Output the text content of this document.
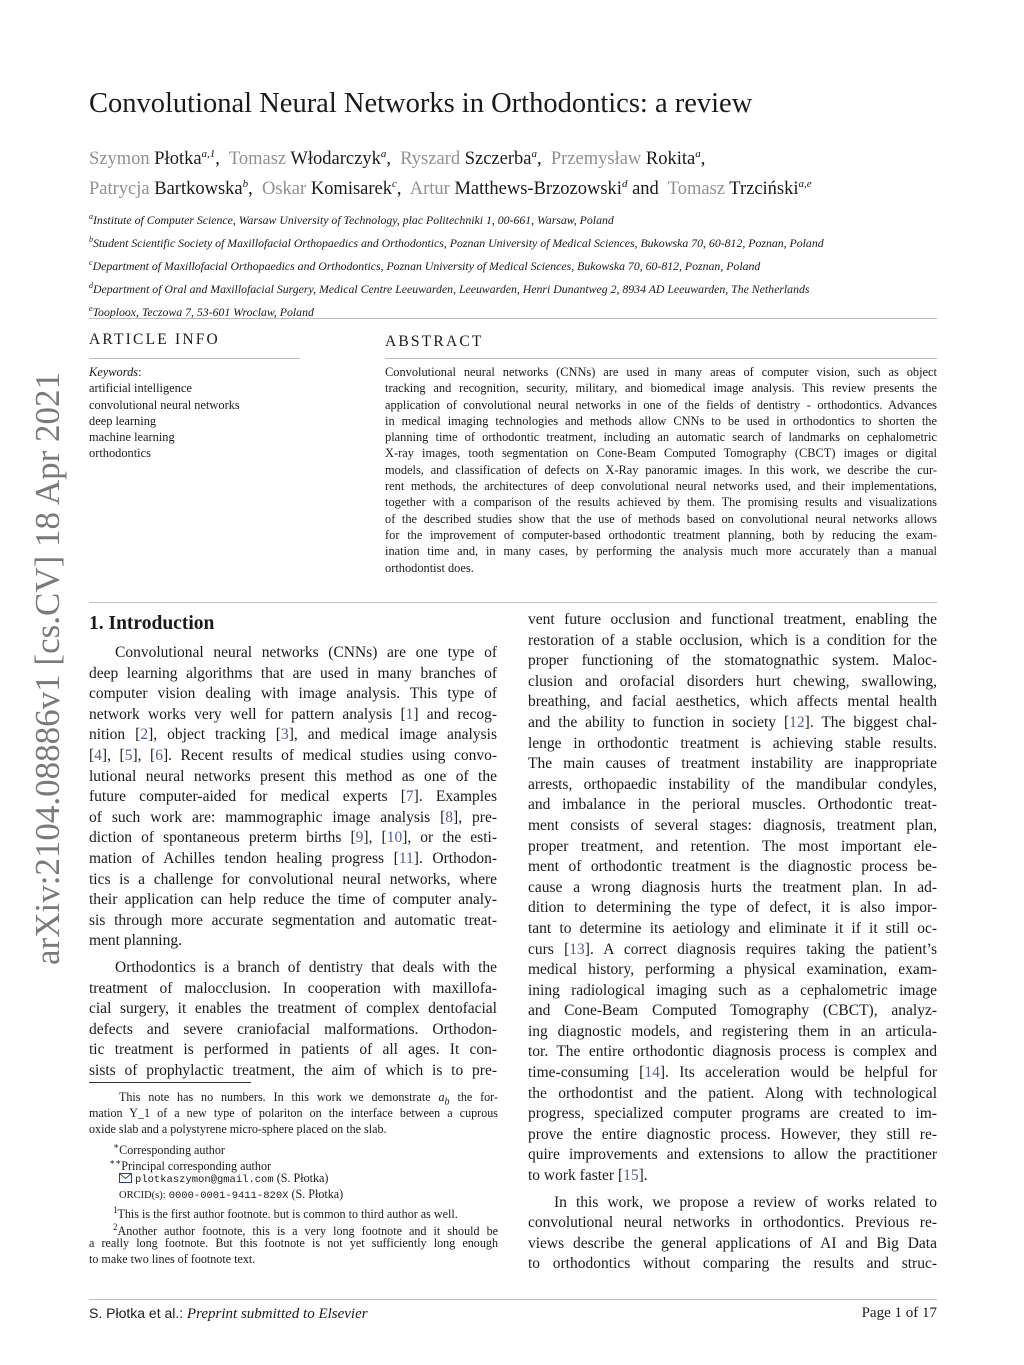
arXiv:2104.08886v1 [cs.CV] 18 Apr 2021
Convolutional Neural Networks in Orthodontics: a review
Szymon Płotka$^{a,1}$, Tomasz Włodarczyk$^a$, Ryszard Szczerba$^a$, Przemysław Rokita$^a$,
Patrycja Bartkowska$^b$, Oskar Komisarek$^c$, Artur Matthews-Brzozowski$^d$ and Tomasz Trzciński$^{a,e}$
$^a$Institute of Computer Science, Warsaw University of Technology, plac Politechniki 1, 00-661, Warsaw, Poland
$^b$Student Scientific Society of Maxillofacial Orthopaedics and Orthodontics, Poznan University of Medical Sciences, Bukowska 70, 60-812, Poznan, Poland
$^c$Department of Maxillofacial Orthopaedics and Orthodontics, Poznan University of Medical Sciences, Bukowska 70, 60-812, Poznan, Poland
$^d$Department of Oral and Maxillofacial Surgery, Medical Centre Leeuwarden, Leeuwarden, Henri Dunantweg 2, 8934 AD Leeuwarden, The Netherlands
$^e$Tooploox, Teczowa 7, 53-601 Wroclaw, Poland
ARTICLE INFO
Keywords:
artificial intelligence
convolutional neural networks
deep learning
machine learning
orthodontics
ABSTRACT
Convolutional neural networks (CNNs) are used in many areas of computer vision, such as object
tracking and recognition, security, military, and biomedical image analysis. This review presents the
application of convolutional neural networks in one of the fields of dentistry - orthodontics. Advances
in medical imaging technologies and methods allow CNNs to be used in orthodontics to shorten the
planning time of orthodontic treatment, including an automatic search of landmarks on cephalometric
X-ray images, tooth segmentation on Cone-Beam Computed Tomography (CBCT) images or digital
models, and classification of defects on X-Ray panoramic images. In this work, we describe the cur-
rent methods, the architectures of deep convolutional neural networks used, and their implementations,
together with a comparison of the results achieved by them. The promising results and visualizations
of the described studies show that the use of methods based on convolutional neural networks allows
for the improvement of computer-based orthodontic treatment planning, both by reducing the exam-
ination time and, in many cases, by performing the analysis much more accurately than a manual
orthodontist does.
1. Introduction
Convolutional neural networks (CNNs) are one type of
deep learning algorithms that are used in many branches of
computer vision dealing with image analysis. This type of
network works very well for pattern analysis [1] and recog-
nition [2], object tracking [3], and medical image analysis
[4], [5], [6]. Recent results of medical studies using convo-
lutional neural networks present this method as one of the
future computer-aided for medical experts [7]. Examples
of such work are: mammographic image analysis [8], pre-
diction of spontaneous preterm births [9], [10], or the esti-
mation of Achilles tendon healing progress [11]. Orthodon-
tics is a challenge for convolutional neural networks, where
their application can help reduce the time of computer analy-
sis through more accurate segmentation and automatic treat-
ment planning.
Orthodontics is a branch of dentistry that deals with the
treatment of malocclusion. In cooperation with maxillofa-
cial surgery, it enables the treatment of complex dentofacial
defects and severe craniofacial malformations. Orthodon-
tic treatment is performed in patients of all ages. It con-
sists of prophylactic treatment, the aim of which is to pre-
vent future occlusion and functional treatment, enabling the
restoration of a stable occlusion, which is a condition for the
proper functioning of the stomatognathic system. Maloc-
clusion and orofacial disorders hurt chewing, swallowing,
breathing, and facial aesthetics, which affects mental health
and the ability to function in society [12]. The biggest chal-
lenge in orthodontic treatment is achieving stable results.
The main causes of treatment instability are inappropriate
arrests, orthopaedic instability of the mandibular condyles,
and imbalance in the perioral muscles. Orthodontic treat-
ment consists of several stages: diagnosis, treatment plan,
proper treatment, and retention. The most important ele-
ment of orthodontic treatment is the diagnostic process be-
cause a wrong diagnosis hurts the treatment plan. In ad-
dition to determining the type of defect, it is also impor-
tant to determine its aetiology and eliminate it if it still oc-
curs [13]. A correct diagnosis requires taking the patient’s
medical history, performing a physical examination, exam-
ining radiological imaging such as a cephalometric image
and Cone-Beam Computed Tomography (CBCT), analyz-
ing diagnostic models, and registering them in an articula-
tor. The entire orthodontic diagnosis process is complex and
time-consuming [14]. Its acceleration would be helpful for
the orthodontist and the patient. Along with technological
progress, specialized computer programs are created to im-
prove the entire diagnostic process. However, they still re-
quire improvements and extensions to allow the practitioner
to work faster [15].
In this work, we propose a review of works related to
convolutional neural networks in orthodontics. Previous re-
views describe the general applications of AI and Big Data
to orthodontics without comparing the results and struc-
This note has no numbers. In this work we demonstrate $a_b$ the for-
mation Y_1 of a new type of polariton on the interface between a cuprous
oxide slab and a polystyrene micro-sphere placed on the slab.
∗Corresponding author
∗∗Principal corresponding author
plotkaszymon@gmail.com (S. Płotka)
ORCID(s): 0000-0001-9411-820X (S. Płotka)
$^1$This is the first author footnote. but is common to third author as well.
$^2$Another author footnote, this is a very long footnote and it should be
a really long footnote. But this footnote is not yet sufficiently long enough
to make two lines of footnote text.
S. Płotka et al.: Preprint submitted to Elsevier	Page 1 of 17
